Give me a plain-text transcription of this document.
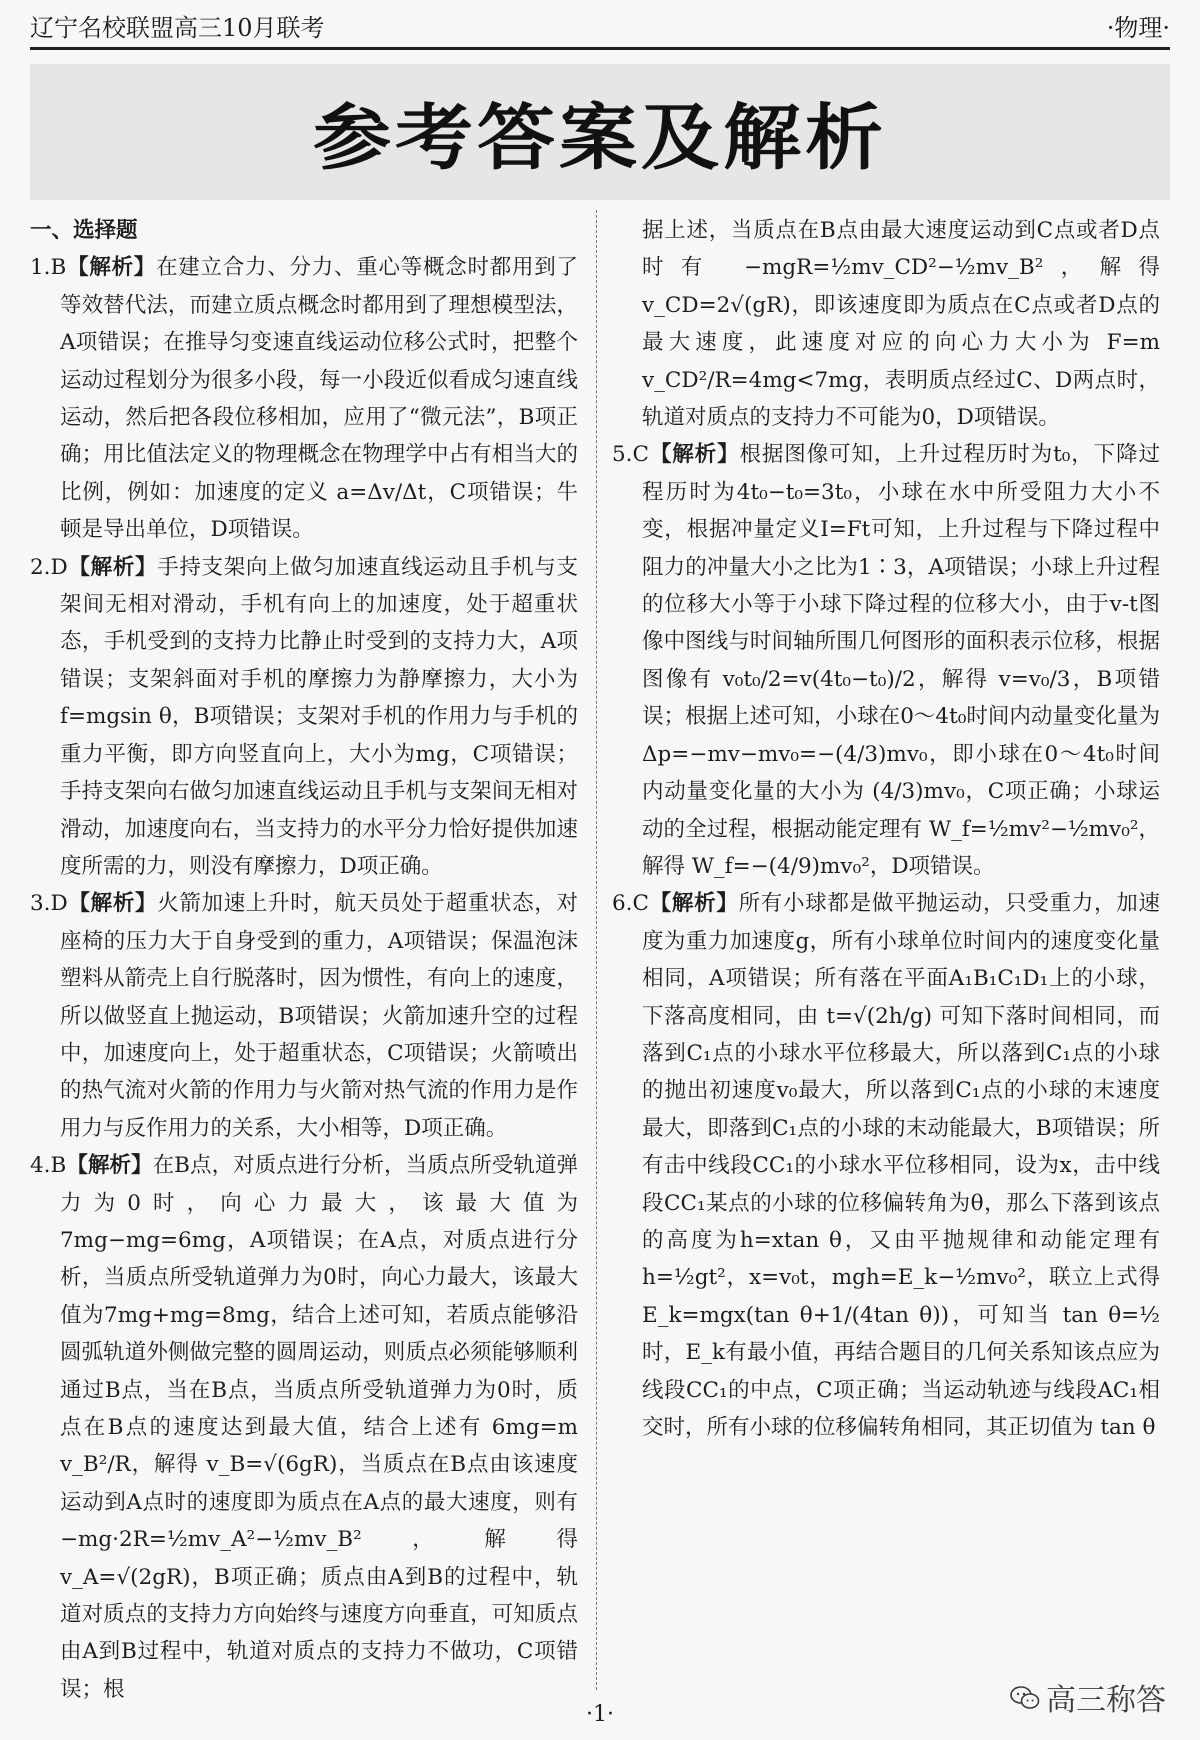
辽宁名校联盟高三10月联考	·物理·
参考答案及解析

一、选择题

1.B【解析】在建立合力、分力、重心等概念时都用到了等效替代法，而建立质点概念时都用到了理想模型法，A项错误；在推导匀变速直线运动位移公式时，把整个运动过程划分为很多小段，每一小段近似看成匀速直线运动，然后把各段位移相加，应用了“微元法”，B项正确；用比值法定义的物理概念在物理学中占有相当大的比例，例如：加速度的定义 a=Δv/Δt，C项错误；牛顿是导出单位，D项错误。

2.D【解析】手持支架向上做匀加速直线运动且手机与支架间无相对滑动，手机有向上的加速度，处于超重状态，手机受到的支持力比静止时受到的支持力大，A项错误；支架斜面对手机的摩擦力为静摩擦力，大小为f=mgsin θ，B项错误；支架对手机的作用力与手机的重力平衡，即方向竖直向上，大小为mg，C项错误；手持支架向右做匀加速直线运动且手机与支架间无相对滑动，加速度向右，当支持力的水平分力恰好提供加速度所需的力，则没有摩擦力，D项正确。

3.D【解析】火箭加速上升时，航天员处于超重状态，对座椅的压力大于自身受到的重力，A项错误；保温泡沫塑料从箭壳上自行脱落时，因为惯性，有向上的速度，所以做竖直上抛运动，B项错误；火箭加速升空的过程中，加速度向上，处于超重状态，C项错误；火箭喷出的热气流对火箭的作用力与火箭对热气流的作用力是作用力与反作用力的关系，大小相等，D项正确。

4.B【解析】在B点，对质点进行分析，当质点所受轨道弹力为0时，向心力最大，该最大值为7mg−mg=6mg，A项错误；在A点，对质点进行分析，当质点所受轨道弹力为0时，向心力最大，该最大值为7mg+mg=8mg，结合上述可知，若质点能够沿圆弧轨道外侧做完整的圆周运动，则质点必须能够顺利通过B点，当在B点，当质点所受轨道弹力为0时，质点在B点的速度达到最大值，结合上述有 6mg=m v_B²/R，解得 v_B=√(6gR)，当质点在B点由该速度运动到A点时的速度即为质点在A点的最大速度，则有 −mg·2R=½mv_A²−½mv_B²，解得 v_A=√(2gR)，B项正确；质点由A到B的过程中，轨道对质点的支持力方向始终与速度方向垂直，可知质点由A到B过程中，轨道对质点的支持力不做功，C项错误；根

据上述，当质点在B点由最大速度运动到C点或者D点时有 −mgR=½mv_CD²−½mv_B²，解得 v_CD=2√(gR)，即该速度即为质点在C点或者D点的最大速度，此速度对应的向心力大小为 F=m v_CD²/R=4mg<7mg，表明质点经过C、D两点时，轨道对质点的支持力不可能为0，D项错误。

5.C【解析】根据图像可知，上升过程历时为t₀，下降过程历时为4t₀−t₀=3t₀，小球在水中所受阻力大小不变，根据冲量定义I=Ft可知，上升过程与下降过程中阻力的冲量大小之比为1∶3，A项错误；小球上升过程的位移大小等于小球下降过程的位移大小，由于v-t图像中图线与时间轴所围几何图形的面积表示位移，根据图像有 v₀t₀/2=v(4t₀−t₀)/2，解得 v=v₀/3，B项错误；根据上述可知，小球在0～4t₀时间内动量变化量为 Δp=−mv−mv₀=−(4/3)mv₀，即小球在0～4t₀时间内动量变化量的大小为 (4/3)mv₀，C项正确；小球运动的全过程，根据动能定理有 W_f=½mv²−½mv₀²，解得 W_f=−(4/9)mv₀²，D项错误。

6.C【解析】所有小球都是做平抛运动，只受重力，加速度为重力加速度g，所有小球单位时间内的速度变化量相同，A项错误；所有落在平面A₁B₁C₁D₁上的小球，下落高度相同，由 t=√(2h/g) 可知下落时间相同，而落到C₁点的小球水平位移最大，所以落到C₁点的小球的抛出初速度v₀最大，所以落到C₁点的小球的末速度最大，即落到C₁点的小球的末动能最大，B项错误；所有击中线段CC₁的小球水平位移相同，设为x，击中线段CC₁某点的小球的位移偏转角为θ，那么下落到该点的高度为h=xtan θ，又由平抛规律和动能定理有 h=½gt²，x=v₀t，mgh=E_k−½mv₀²，联立上式得 E_k=mgx(tan θ+1/(4tan θ))，可知当 tan θ=½ 时，E_k有最小值，再结合题目的几何关系知该点应为线段CC₁的中点，C项正确；当运动轨迹与线段AC₁相交时，所有小球的位移偏转角相同，其正切值为 tan θ

·1·	高三称答
